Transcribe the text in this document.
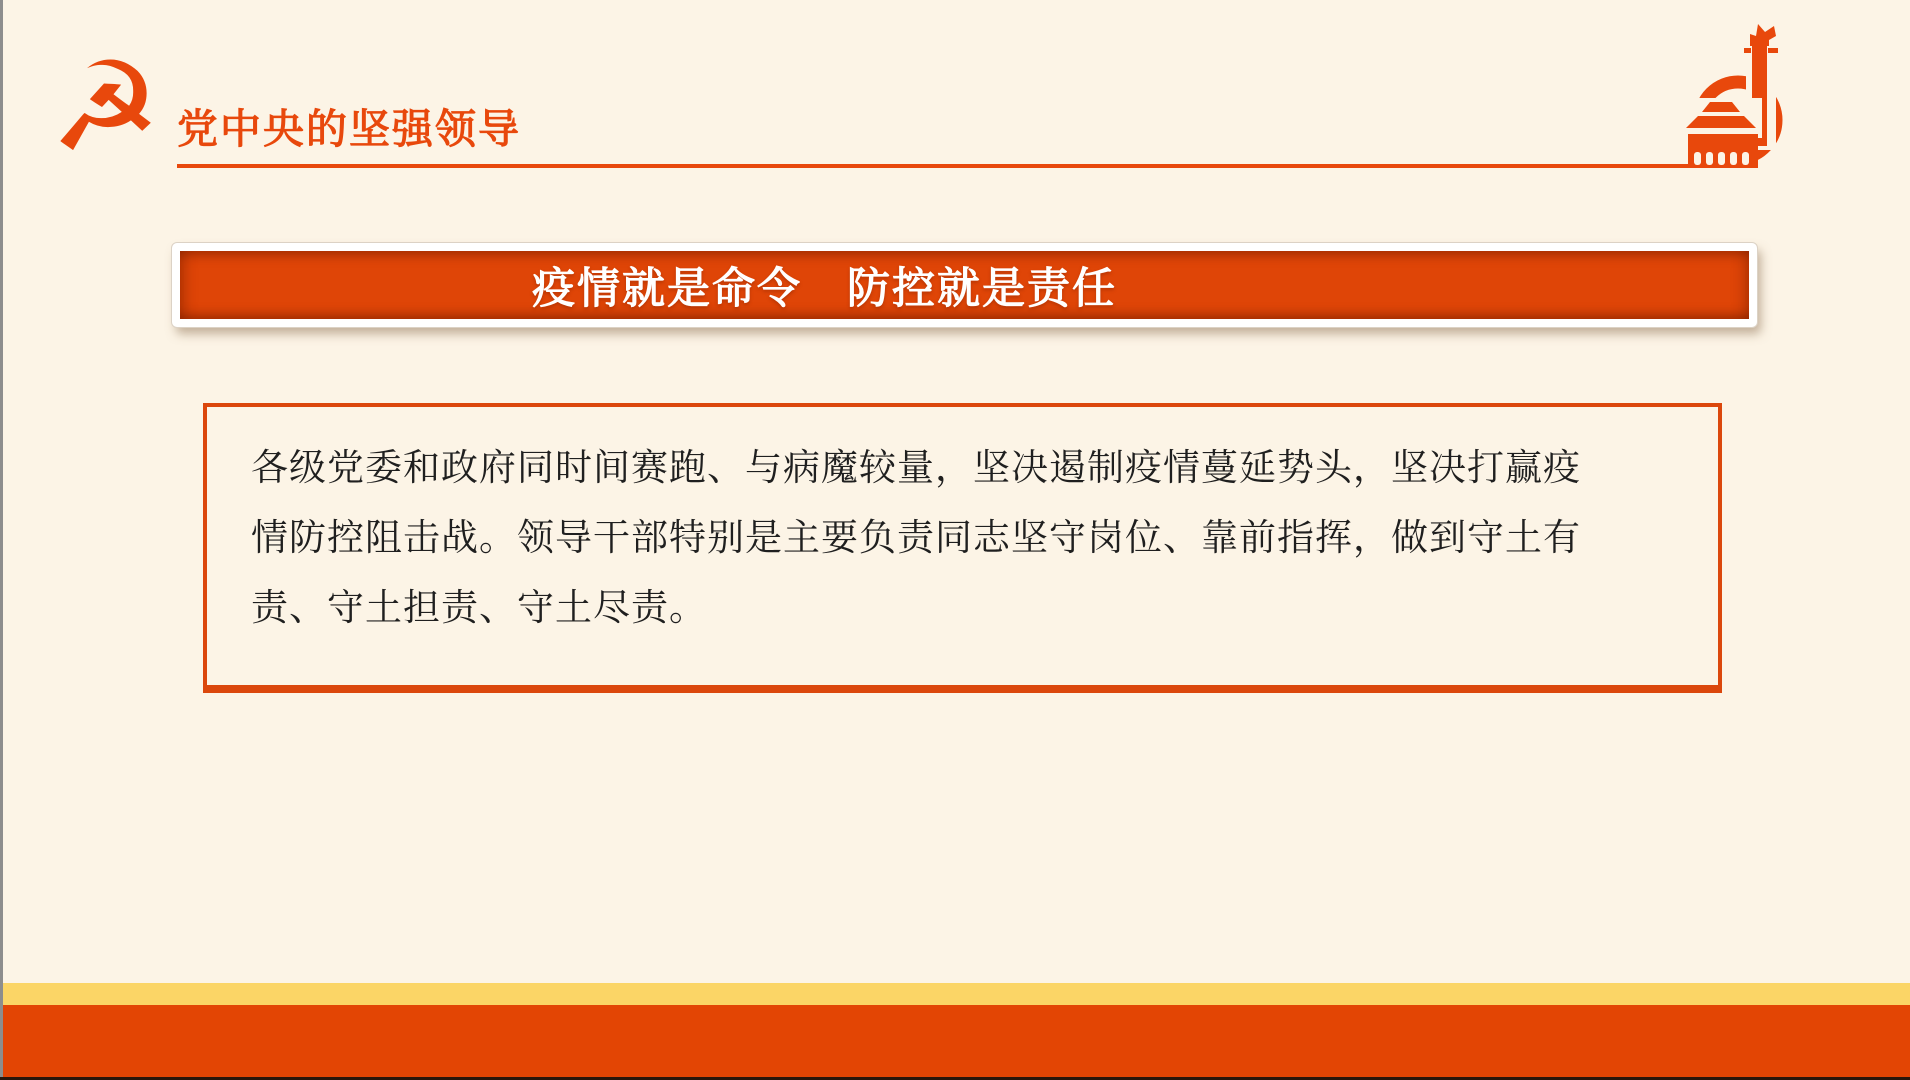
☭ 党中央的坚强领导
疫情就是命令　防控就是责任
各级党委和政府同时间赛跑、与病魔较量，坚决遏制疫情蔓延势头，坚决打赢疫
情防控阻击战。领导干部特别是主要负责同志坚守岗位、靠前指挥，做到守土有
责、守土担责、守土尽责。
